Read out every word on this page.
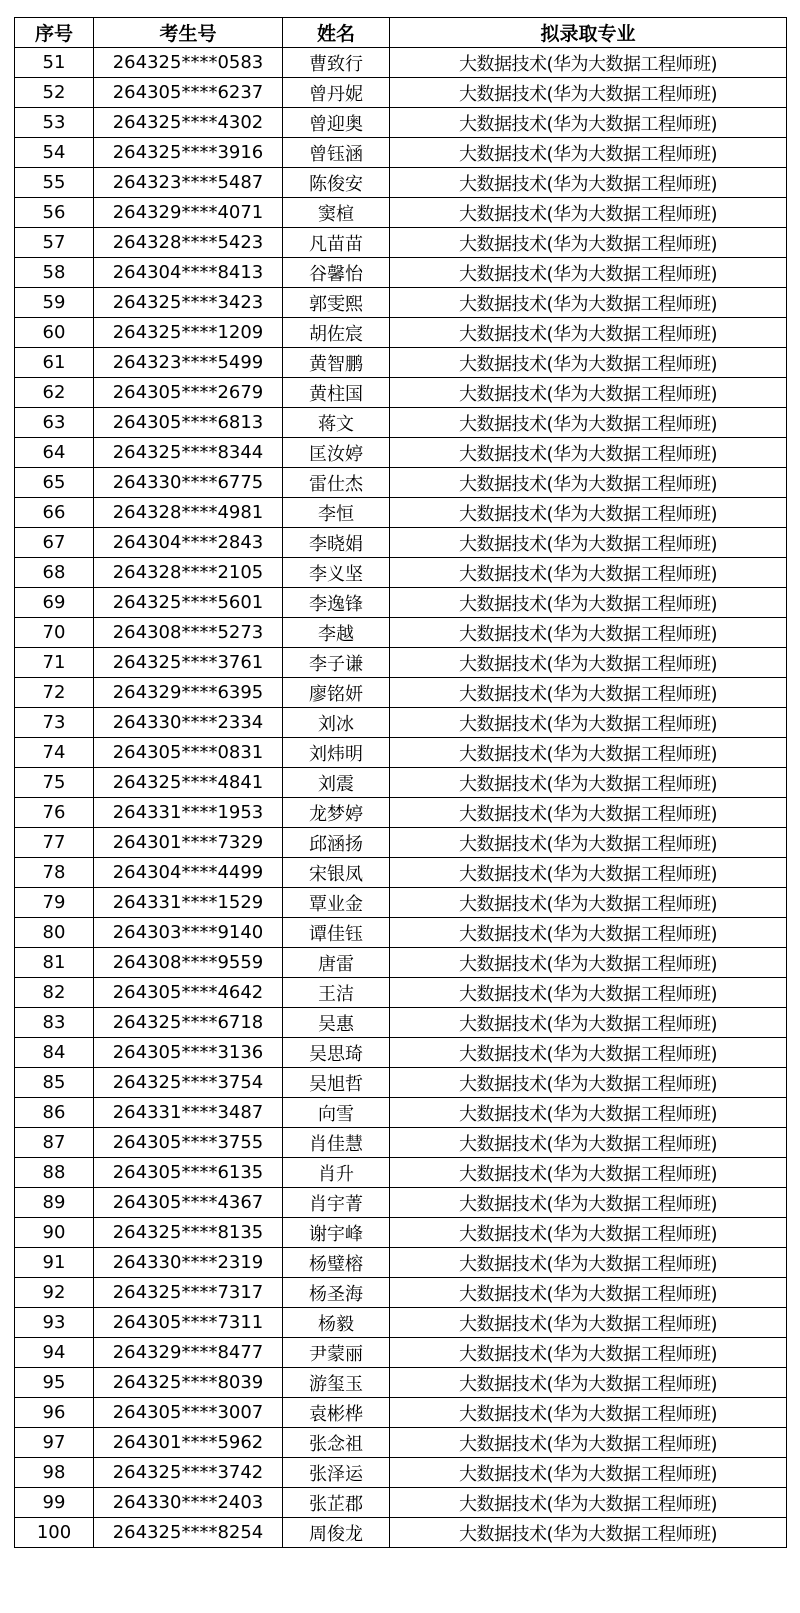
序号	考生号	姓名	拟录取专业
51	264325****0583	曹致行	大数据技术(华为大数据工程师班)
52	264305****6237	曾丹妮	大数据技术(华为大数据工程师班)
53	264325****4302	曾迎奥	大数据技术(华为大数据工程师班)
54	264325****3916	曾钰涵	大数据技术(华为大数据工程师班)
55	264323****5487	陈俊安	大数据技术(华为大数据工程师班)
56	264329****4071	窦楦	大数据技术(华为大数据工程师班)
57	264328****5423	凡苗苗	大数据技术(华为大数据工程师班)
58	264304****8413	谷馨怡	大数据技术(华为大数据工程师班)
59	264325****3423	郭雯熙	大数据技术(华为大数据工程师班)
60	264325****1209	胡佐宸	大数据技术(华为大数据工程师班)
61	264323****5499	黄智鹏	大数据技术(华为大数据工程师班)
62	264305****2679	黄柱国	大数据技术(华为大数据工程师班)
63	264305****6813	蒋文	大数据技术(华为大数据工程师班)
64	264325****8344	匡汝婷	大数据技术(华为大数据工程师班)
65	264330****6775	雷仕杰	大数据技术(华为大数据工程师班)
66	264328****4981	李恒	大数据技术(华为大数据工程师班)
67	264304****2843	李晓娟	大数据技术(华为大数据工程师班)
68	264328****2105	李义坚	大数据技术(华为大数据工程师班)
69	264325****5601	李逸锋	大数据技术(华为大数据工程师班)
70	264308****5273	李越	大数据技术(华为大数据工程师班)
71	264325****3761	李子谦	大数据技术(华为大数据工程师班)
72	264329****6395	廖铭妍	大数据技术(华为大数据工程师班)
73	264330****2334	刘冰	大数据技术(华为大数据工程师班)
74	264305****0831	刘炜明	大数据技术(华为大数据工程师班)
75	264325****4841	刘震	大数据技术(华为大数据工程师班)
76	264331****1953	龙梦婷	大数据技术(华为大数据工程师班)
77	264301****7329	邱涵扬	大数据技术(华为大数据工程师班)
78	264304****4499	宋银凤	大数据技术(华为大数据工程师班)
79	264331****1529	覃业金	大数据技术(华为大数据工程师班)
80	264303****9140	谭佳钰	大数据技术(华为大数据工程师班)
81	264308****9559	唐雷	大数据技术(华为大数据工程师班)
82	264305****4642	王洁	大数据技术(华为大数据工程师班)
83	264325****6718	吴惠	大数据技术(华为大数据工程师班)
84	264305****3136	吴思琦	大数据技术(华为大数据工程师班)
85	264325****3754	吴旭哲	大数据技术(华为大数据工程师班)
86	264331****3487	向雪	大数据技术(华为大数据工程师班)
87	264305****3755	肖佳慧	大数据技术(华为大数据工程师班)
88	264305****6135	肖升	大数据技术(华为大数据工程师班)
89	264305****4367	肖宇菁	大数据技术(华为大数据工程师班)
90	264325****8135	谢宇峰	大数据技术(华为大数据工程师班)
91	264330****2319	杨璧榕	大数据技术(华为大数据工程师班)
92	264325****7317	杨圣海	大数据技术(华为大数据工程师班)
93	264305****7311	杨毅	大数据技术(华为大数据工程师班)
94	264329****8477	尹蒙丽	大数据技术(华为大数据工程师班)
95	264325****8039	游玺玉	大数据技术(华为大数据工程师班)
96	264305****3007	袁彬桦	大数据技术(华为大数据工程师班)
97	264301****5962	张念祖	大数据技术(华为大数据工程师班)
98	264325****3742	张泽运	大数据技术(华为大数据工程师班)
99	264330****2403	张芷郡	大数据技术(华为大数据工程师班)
100	264325****8254	周俊龙	大数据技术(华为大数据工程师班)
